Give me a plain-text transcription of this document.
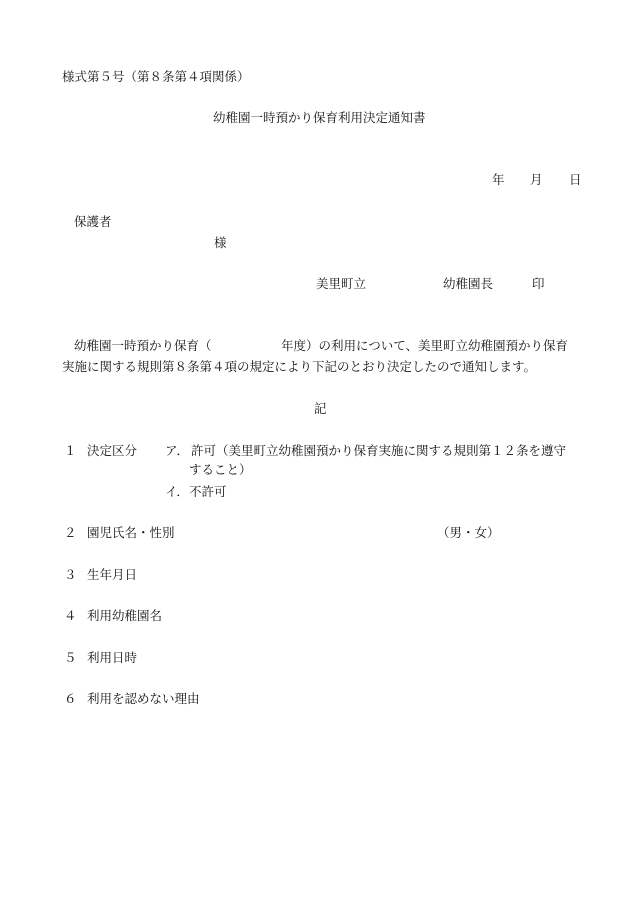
様式第５号（第８条第４項関係）
幼稚園一時預かり保育利用決定通知書
年 月 日
保護者
様
美里町立	幼稚園長	印
幼稚園一時預かり保育（	年度）の利用について、美里町立幼稚園預かり保育
実施に関する規則第８条第４項の規定により下記のとおり決定したので通知します。
記
１ 決定区分 ア． 許可（美里町立幼稚園預かり保育実施に関する規則第１２条を遵守
すること）
イ． 不許可
２ 園児氏名・性別	（男・女）
３ 生年月日
４ 利用幼稚園名
５ 利用日時
６ 利用を認めない理由
